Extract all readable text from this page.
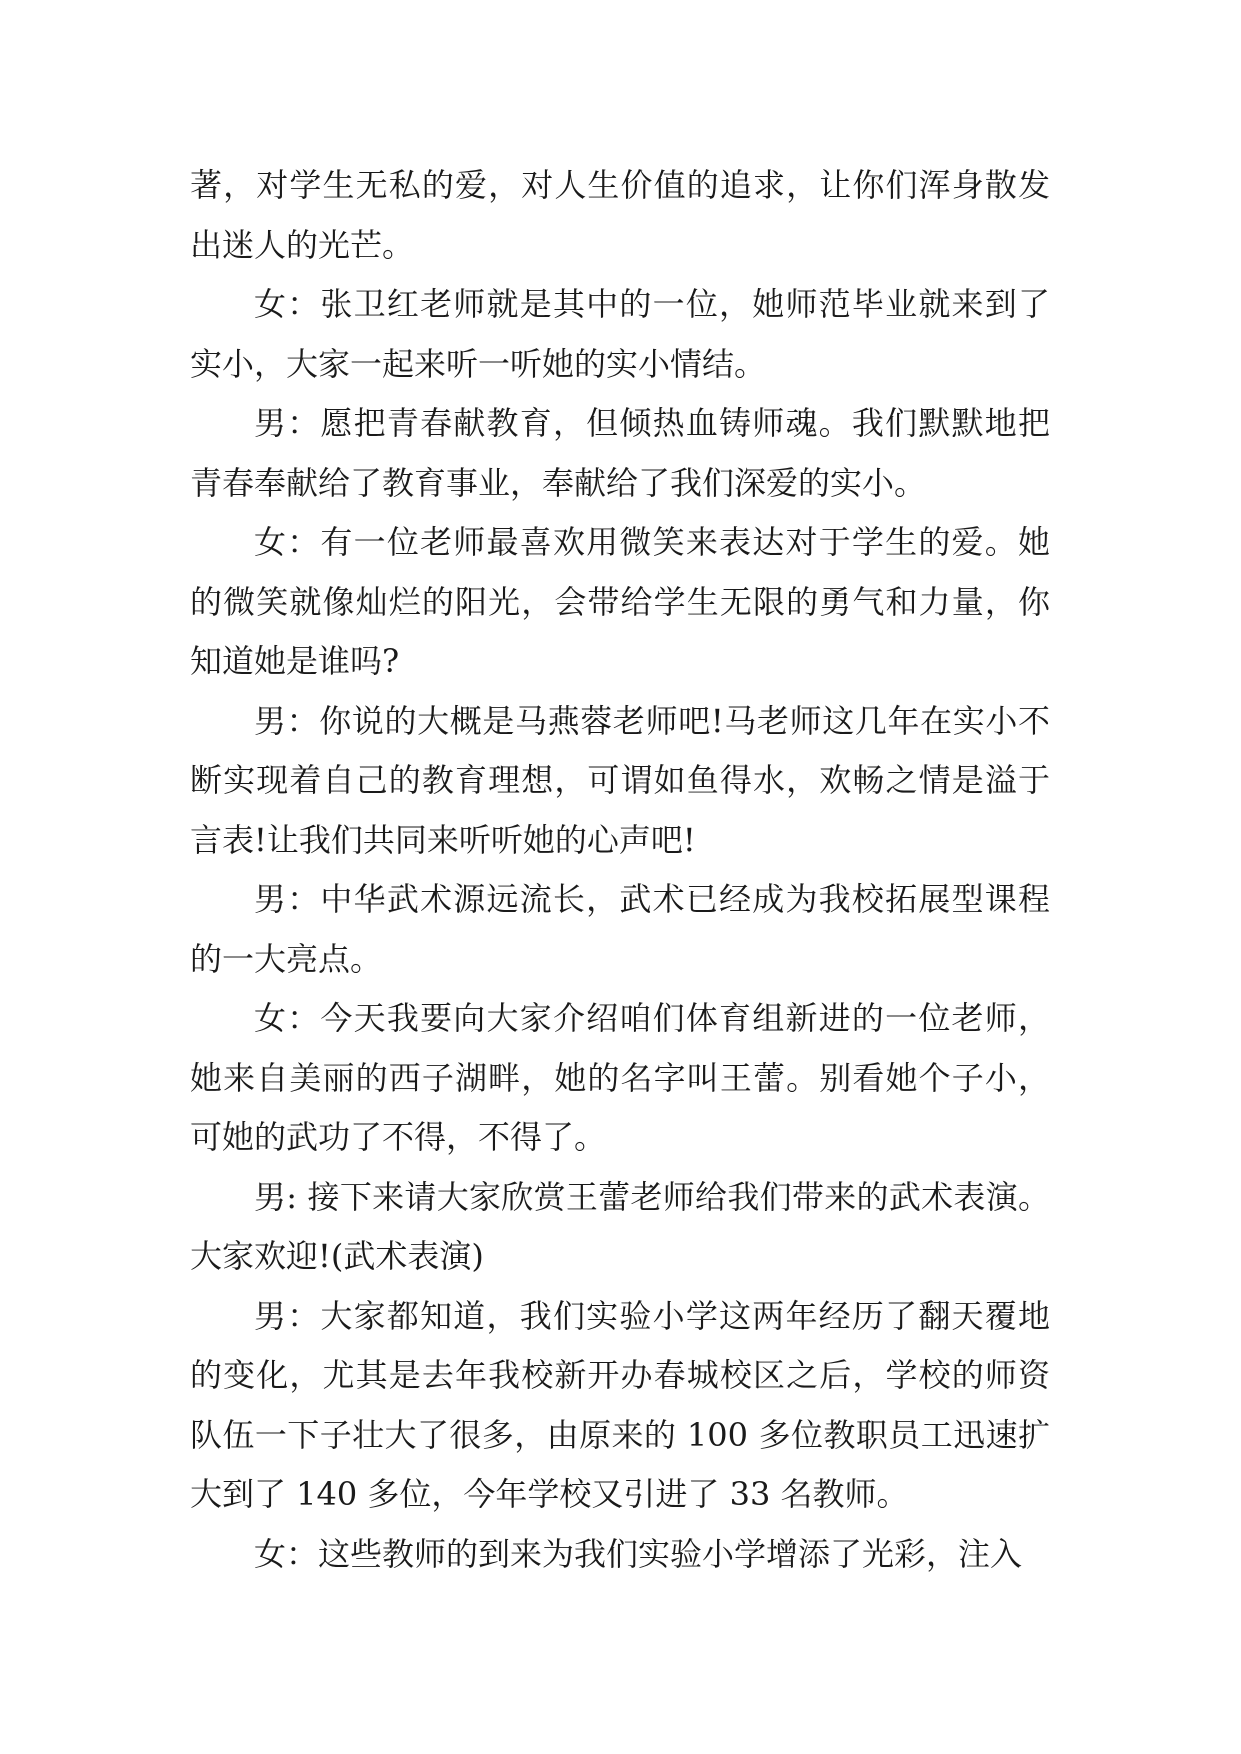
著，对学生无私的爱，对人生价值的追求，让你们浑身散发出迷人的光芒。

女：张卫红老师就是其中的一位，她师范毕业就来到了实小，大家一起来听一听她的实小情结。

男：愿把青春献教育，但倾热血铸师魂。我们默默地把青春奉献给了教育事业，奉献给了我们深爱的实小。

女：有一位老师最喜欢用微笑来表达对于学生的爱。她的微笑就像灿烂的阳光，会带给学生无限的勇气和力量，你知道她是谁吗?

男：你说的大概是马燕蓉老师吧!马老师这几年在实小不断实现着自己的教育理想，可谓如鱼得水，欢畅之情是溢于言表!让我们共同来听听她的心声吧!

男：中华武术源远流长，武术已经成为我校拓展型课程的一大亮点。

女：今天我要向大家介绍咱们体育组新进的一位老师，她来自美丽的西子湖畔，她的名字叫王蕾。别看她个子小，可她的武功了不得，不得了。

男: 接下来请大家欣赏王蕾老师给我们带来的武术表演。大家欢迎!(武术表演)

男：大家都知道，我们实验小学这两年经历了翻天覆地的变化，尤其是去年我校新开办春城校区之后，学校的师资队伍一下子壮大了很多，由原来的 100 多位教职员工迅速扩大到了 140 多位，今年学校又引进了 33 名教师。

女：这些教师的到来为我们实验小学增添了光彩，注入
